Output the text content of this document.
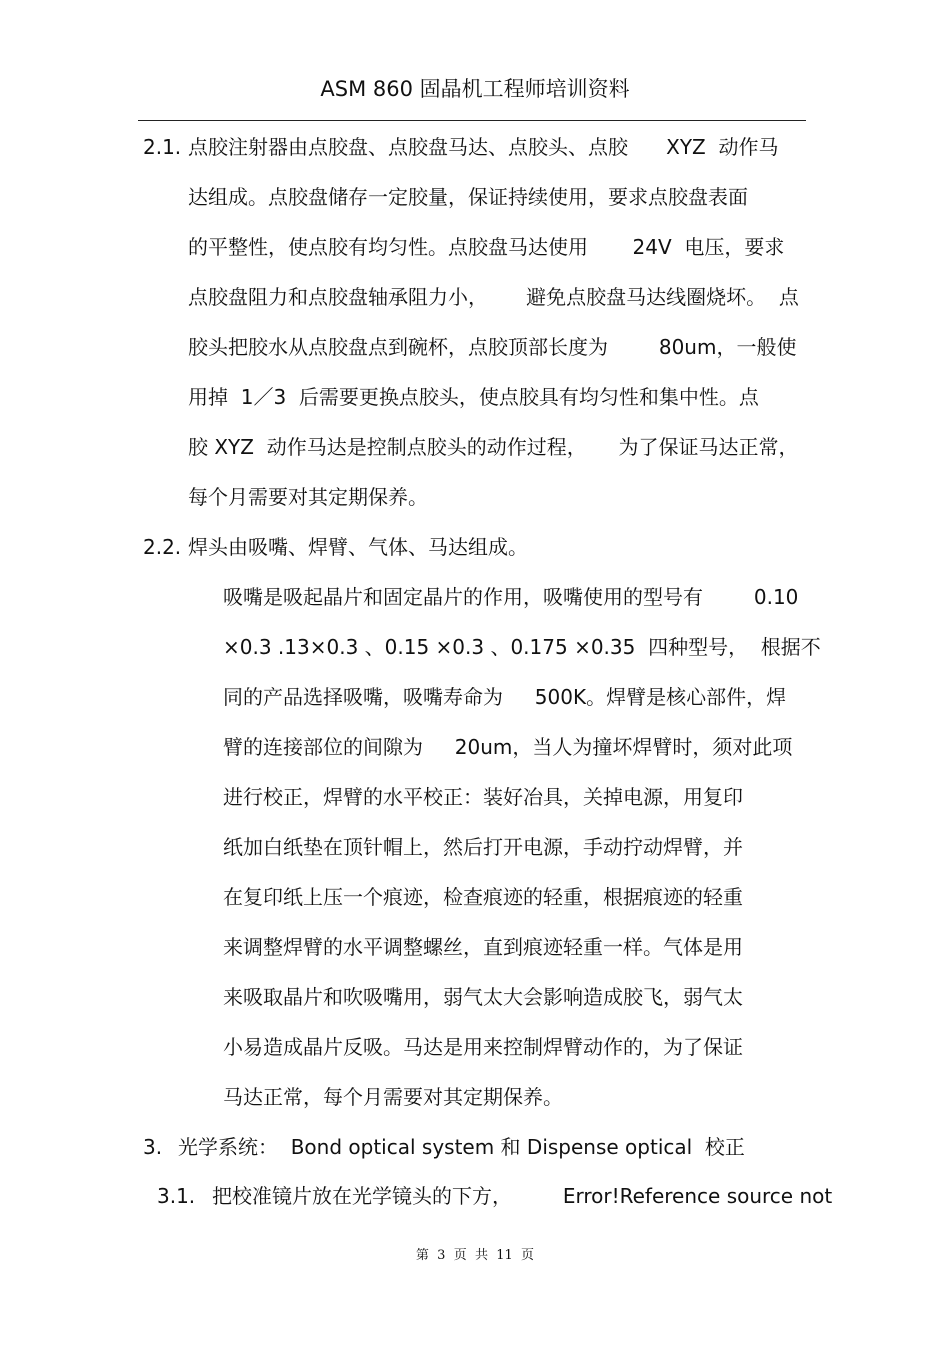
ASM 860 固晶机工程师培训资料
2.1. 点胶注射器由点胶盘、点胶盘马达、点胶头、点胶      XYZ  动作马
达组成。点胶盘储存一定胶量，保证持续使用，要求点胶盘表面
的平整性，使点胶有均匀性。点胶盘马达使用       24V  电压，要求
点胶盘阻力和点胶盘轴承阻力小，      避免点胶盘马达线圈烧坏。  点
胶头把胶水从点胶盘点到碗杯，点胶顶部长度为        80um，一般使
用掉  1／3  后需要更换点胶头，使点胶具有均匀性和集中性。点
胶 XYZ  动作马达是控制点胶头的动作过程，     为了保证马达正常，
每个月需要对其定期保养。
2.2. 焊头由吸嘴、焊臂、气体、马达组成。
吸嘴是吸起晶片和固定晶片的作用，吸嘴使用的型号有        0.10
×0.3 .13×0.3 、0.15 ×0.3 、0.175 ×0.35  四种型号，  根据不
同的产品选择吸嘴，吸嘴寿命为     500K。焊臂是核心部件，焊
臂的连接部位的间隙为     20um，当人为撞坏焊臂时，须对此项
进行校正，焊臂的水平校正：装好冶具，关掉电源，用复印
纸加白纸垫在顶针帽上，然后打开电源，手动拧动焊臂，并
在复印纸上压一个痕迹，检查痕迹的轻重，根据痕迹的轻重
来调整焊臂的水平调整螺丝，直到痕迹轻重一样。气体是用
来吸取晶片和吹吸嘴用，弱气太大会影响造成胶飞，弱气太
小易造成晶片反吸。马达是用来控制焊臂动作的，为了保证
马达正常，每个月需要对其定期保养。
3. 光学系统：  Bond optical system 和 Dispense optical  校正
3.1. 把校准镜片放在光学镜头的下方，        Error!Reference source not
第  3  页  共  11  页
